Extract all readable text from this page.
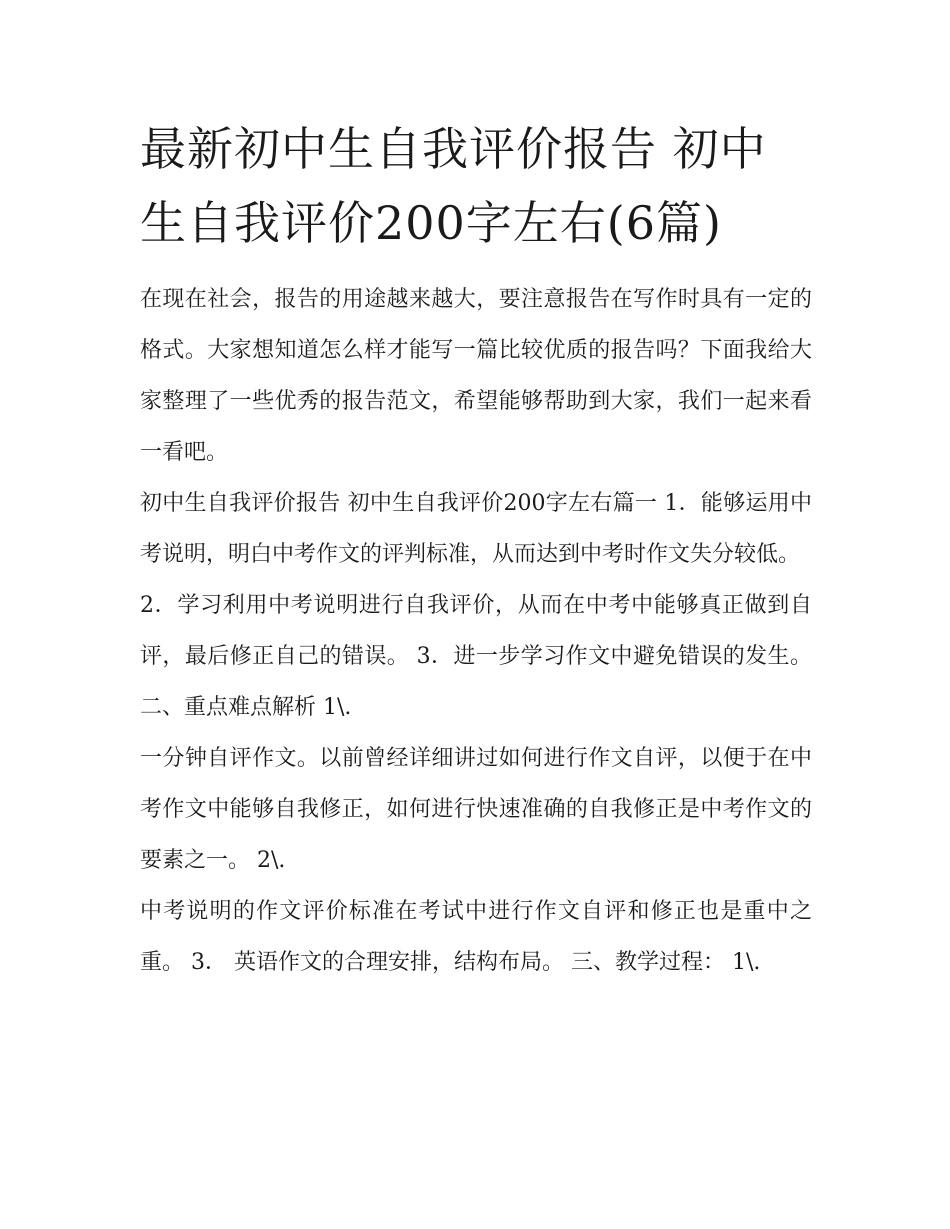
最新初中生自我评价报告 初中生自我评价200字左右(6篇)

在现在社会，报告的用途越来越大，要注意报告在写作时具有一定的格式。大家想知道怎么样才能写一篇比较优质的报告吗？下面我给大家整理了一些优秀的报告范文，希望能够帮助到大家，我们一起来看一看吧。

初中生自我评价报告 初中生自我评价200字左右篇一 1．能够运用中考说明，明白中考作文的评判标准，从而达到中考时作文失分较低。

2．学习利用中考说明进行自我评价，从而在中考中能够真正做到自评，最后修正自己的错误。 3．进一步学习作文中避免错误的发生。 二、重点难点解析 1\.

一分钟自评作文。以前曾经详细讲过如何进行作文自评，以便于在中考作文中能够自我修正，如何进行快速准确的自我修正是中考作文的要素之一。 2\.

中考说明的作文评价标准在考试中进行作文自评和修正也是重中之重。 3． 英语作文的合理安排，结构布局。 三、教学过程： 1\.
